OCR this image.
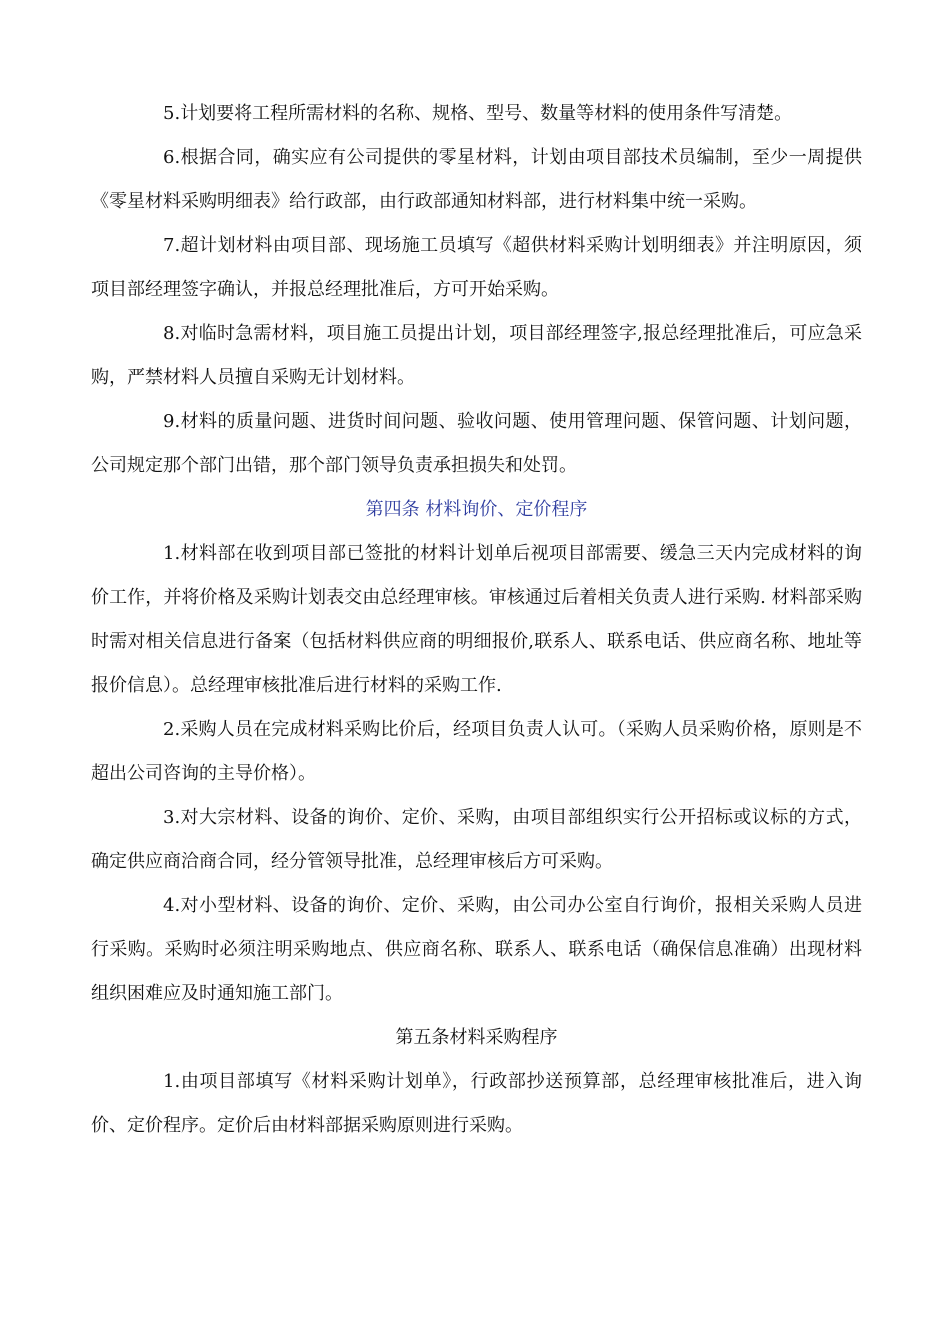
5.计划要将工程所需材料的名称、规格、型号、数量等材料的使用条件写清楚。

6.根据合同，确实应有公司提供的零星材料，计划由项目部技术员编制，至少一周提供《零星材料采购明细表》给行政部，由行政部通知材料部，进行材料集中统一采购。

7.超计划材料由项目部、现场施工员填写《超供材料采购计划明细表》并注明原因，须项目部经理签字确认，并报总经理批准后，方可开始采购。

8.对临时急需材料，项目施工员提出计划，项目部经理签字,报总经理批准后，可应急采购，严禁材料人员擅自采购无计划材料。

9.材料的质量问题、进货时间问题、验收问题、使用管理问题、保管问题、计划问题，公司规定那个部门出错，那个部门领导负责承担损失和处罚。

第四条 材料询价、定价程序

1.材料部在收到项目部已签批的材料计划单后视项目部需要、缓急三天内完成材料的询价工作，并将价格及采购计划表交由总经理审核。审核通过后着相关负责人进行采购. 材料部采购时需对相关信息进行备案（包括材料供应商的明细报价,联系人、联系电话、供应商名称、地址等报价信息）。总经理审核批准后进行材料的采购工作.

2.采购人员在完成材料采购比价后，经项目负责人认可。（采购人员采购价格，原则是不超出公司咨询的主导价格）。

3.对大宗材料、设备的询价、定价、采购，由项目部组织实行公开招标或议标的方式，确定供应商洽商合同，经分管领导批准，总经理审核后方可采购。

4.对小型材料、设备的询价、定价、采购，由公司办公室自行询价，报相关采购人员进行采购。采购时必须注明采购地点、供应商名称、联系人、联系电话（确保信息准确）出现材料组织困难应及时通知施工部门。

第五条材料采购程序

1.由项目部填写《材料采购计划单》，行政部抄送预算部，总经理审核批准后，进入询价、定价程序。定价后由材料部据采购原则进行采购。
